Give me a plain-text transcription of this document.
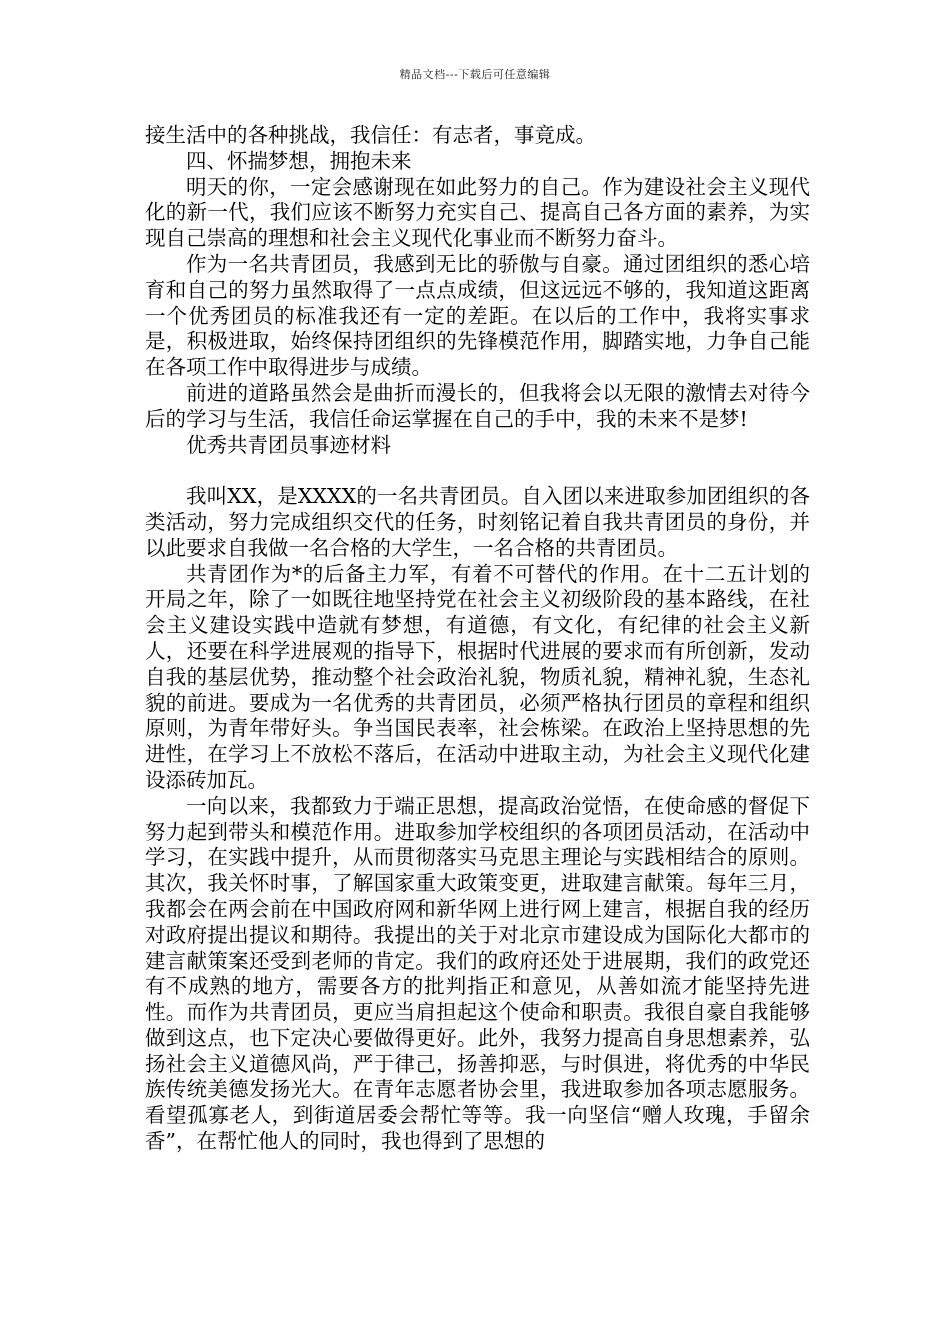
精品文档---下载后可任意编辑

接生活中的各种挑战，我信任：有志者，事竟成。

四、怀揣梦想，拥抱未来

明天的你，一定会感谢现在如此努力的自己。作为建设社会主义现代化的新一代，我们应该不断努力充实自己、提高自己各方面的素养，为实现自己崇高的理想和社会主义现代化事业而不断努力奋斗。

作为一名共青团员，我感到无比的骄傲与自豪。通过团组织的悉心培育和自己的努力虽然取得了一点点成绩，但这远远不够的，我知道这距离一个优秀团员的标准我还有一定的差距。在以后的工作中，我将实事求是，积极进取，始终保持团组织的先锋模范作用，脚踏实地，力争自己能在各项工作中取得进步与成绩。

前进的道路虽然会是曲折而漫长的，但我将会以无限的激情去对待今后的学习与生活，我信任命运掌握在自己的手中，我的未来不是梦!

优秀共青团员事迹材料

我叫XX，是XXXX的一名共青团员。自入团以来进取参加团组织的各类活动，努力完成组织交代的任务，时刻铭记着自我共青团员的身份，并以此要求自我做一名合格的大学生，一名合格的共青团员。

共青团作为*的后备主力军，有着不可替代的作用。在十二五计划的开局之年，除了一如既往地坚持党在社会主义初级阶段的基本路线，在社会主义建设实践中造就有梦想，有道德，有文化，有纪律的社会主义新人，还要在科学进展观的指导下，根据时代进展的要求而有所创新，发动自我的基层优势，推动整个社会政治礼貌，物质礼貌，精神礼貌，生态礼貌的前进。要成为一名优秀的共青团员，必须严格执行团员的章程和组织原则，为青年带好头。争当国民表率，社会栋梁。在政治上坚持思想的先进性，在学习上不放松不落后，在活动中进取主动，为社会主义现代化建设添砖加瓦。

一向以来，我都致力于端正思想，提高政治觉悟，在使命感的督促下努力起到带头和模范作用。进取参加学校组织的各项团员活动，在活动中学习，在实践中提升，从而贯彻落实马克思主理论与实践相结合的原则。其次，我关怀时事，了解国家重大政策变更，进取建言献策。每年三月，我都会在两会前在中国政府网和新华网上进行网上建言，根据自我的经历对政府提出提议和期待。我提出的关于对北京市建设成为国际化大都市的建言献策案还受到老师的肯定。我们的政府还处于进展期，我们的政党还有不成熟的地方，需要各方的批判指正和意见，从善如流才能坚持先进性。而作为共青团员，更应当肩担起这个使命和职责。我很自豪自我能够做到这点，也下定决心要做得更好。此外，我努力提高自身思想素养，弘扬社会主义道德风尚，严于律己，扬善抑恶，与时俱进，将优秀的中华民族传统美德发扬光大。在青年志愿者协会里，我进取参加各项志愿服务。看望孤寡老人，到街道居委会帮忙等等。我一向坚信“赠人玫瑰，手留余香”，在帮忙他人的同时，我也得到了思想的
